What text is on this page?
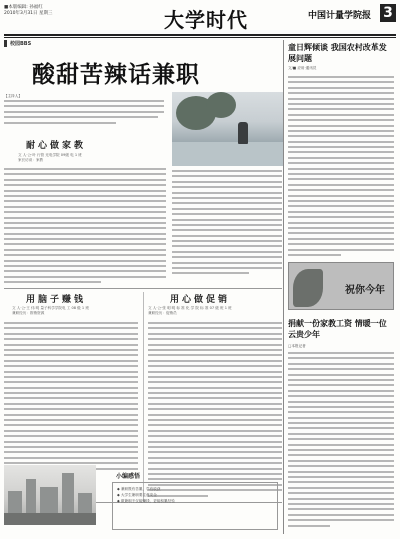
■本版编辑: 孙福红
2010年3月31日 星期三	大学时代	中国计量学院报 3
校园BBS
酸甜苦辣话兼职
【主持人】
耐心做家教
文 人·公·叶 行管 光电学院 09级 电 1 班
家长访谈：家教
用脑子赚钱
文 人·公·王 伟 明 量子科学学院电 工 08 级 1 班
兼职经历：推销资源
用心做促销
文 人·公·张 明 明 标 准 化 学 院 标 准 07 级 班 1 班
兼职经历：促销员
小编感悟
◆ 兼职既有苦累，学有收获
◆ 大学生兼职要注意安全
◆ 做兼职不仅能赚钱，更能积累经验
童日辉倾谈 我国农村改革发展问题
文/■ 应用·通讯员
祝你今年
捐献一份家教工资 情暖一位云贵少年
□本报记者
